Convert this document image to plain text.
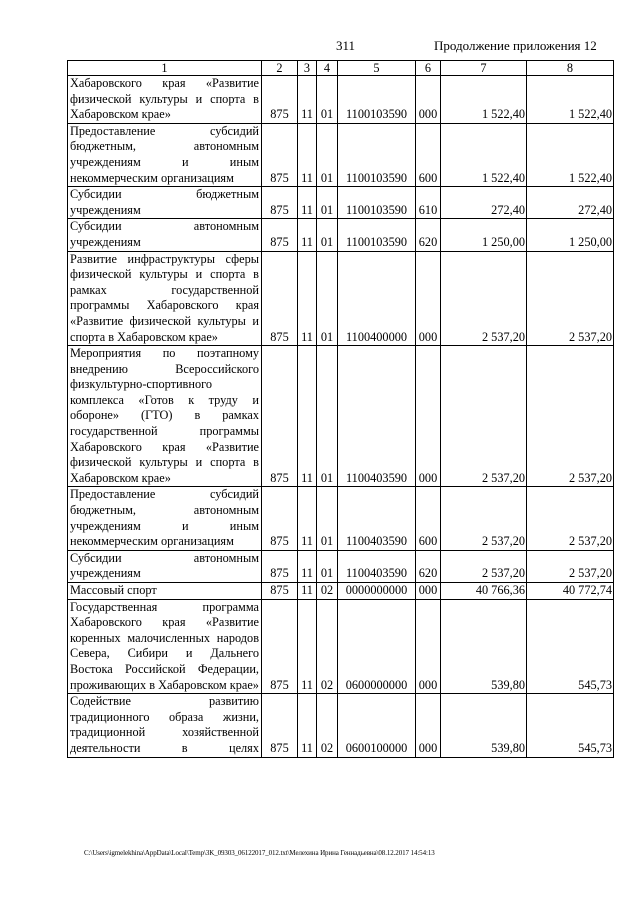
311	Продолжение приложения 12
1	2	3	4	5	6	7	8
Хабаровского края «Развитие физической культуры и спорта в Хабаровском крае»	875	11	01	1100103590	000	1 522,40	1 522,40
Предоставление субсидий бюджетным, автономным учреждениям и иным некоммерческим организациям	875	11	01	1100103590	600	1 522,40	1 522,40
Субсидии бюджетным учреждениям	875	11	01	1100103590	610	272,40	272,40
Субсидии автономным учреждениям	875	11	01	1100103590	620	1 250,00	1 250,00
Развитие инфраструктуры сферы физической культуры и спорта в рамках государственной программы Хабаровского края «Развитие физической культуры и спорта в Хабаровском крае»	875	11	01	1100400000	000	2 537,20	2 537,20
Мероприятия по поэтапному внедрению Всероссийского физкультурно-спортивного комплекса «Готов к труду и обороне» (ГТО) в рамках государственной программы Хабаровского края «Развитие физической культуры и спорта в Хабаровском крае»	875	11	01	1100403590	000	2 537,20	2 537,20
Предоставление субсидий бюджетным, автономным учреждениям и иным некоммерческим организациям	875	11	01	1100403590	600	2 537,20	2 537,20
Субсидии автономным учреждениям	875	11	01	1100403590	620	2 537,20	2 537,20
Массовый спорт	875	11	02	0000000000	000	40 766,36	40 772,74
Государственная программа Хабаровского края «Развитие коренных малочисленных народов Севера, Сибири и Дальнего Востока Российской Федерации, проживающих в Хабаровском крае»	875	11	02	0600000000	000	539,80	545,73
Содействие развитию традиционного образа жизни, традиционной хозяйственной деятельности в целях	875	11	02	0600100000	000	539,80	545,73
C:\Users\igmelekhina\AppData\Local\Temp\3K_09303_06122017_012.txt\Мелехина Ирина Геннадьевна\08.12.2017 14:54:13
